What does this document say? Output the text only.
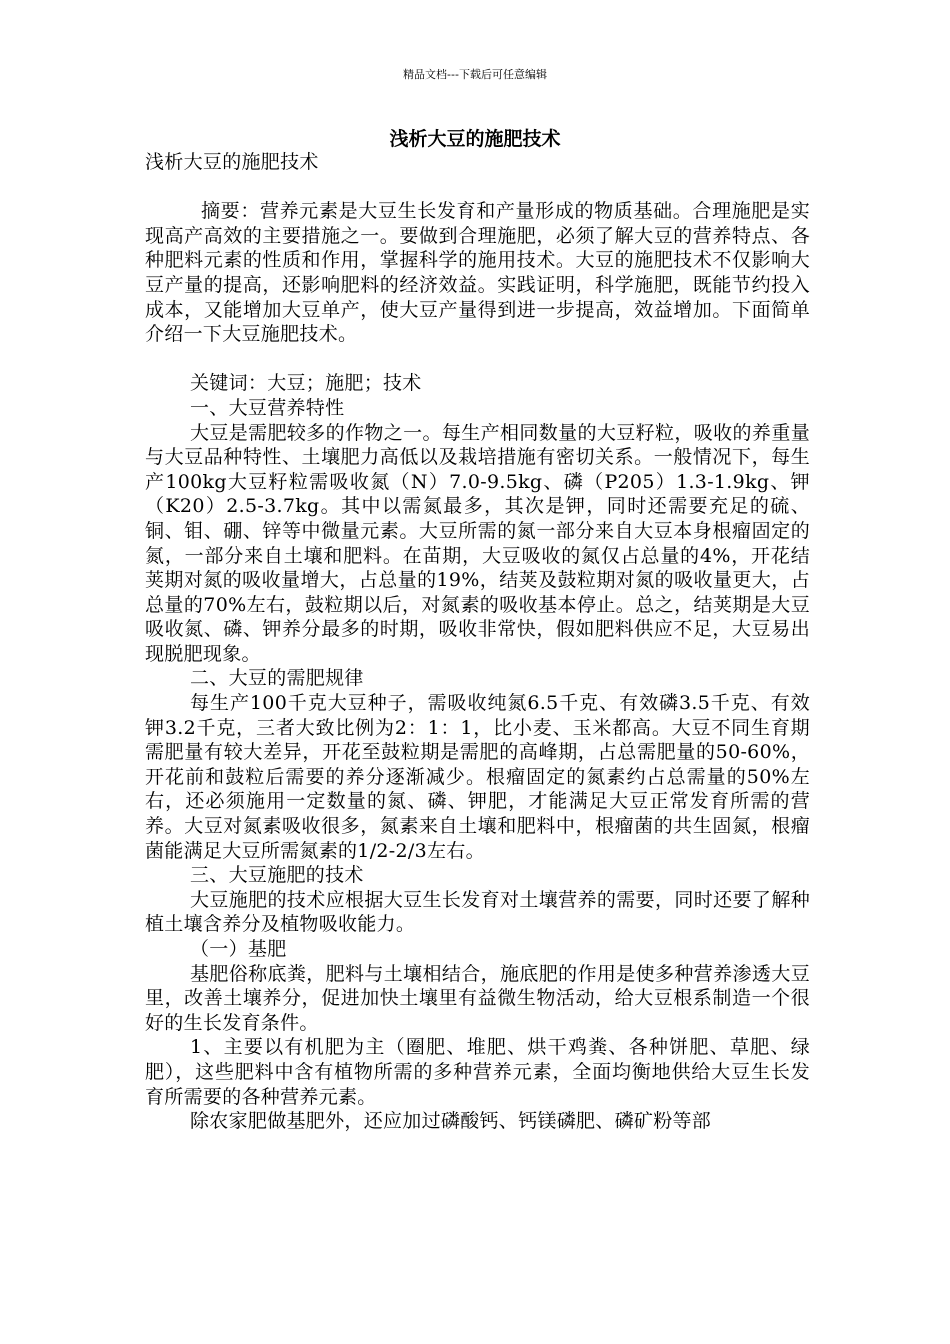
精品文档---下载后可任意编辑
浅析大豆的施肥技术

浅析大豆的施肥技术

摘要：营养元素是大豆生长发育和产量形成的物质基础。合理施肥是实现高产高效的主要措施之一。要做到合理施肥，必须了解大豆的营养特点、各种肥料元素的性质和作用，掌握科学的施用技术。大豆的施肥技术不仅影响大豆产量的提高，还影响肥料的经济效益。实践证明，科学施肥，既能节约投入成本，又能增加大豆单产，使大豆产量得到进一步提高，效益增加。下面简单介绍一下大豆施肥技术。

关键词：大豆；施肥；技术

一、大豆营养特性

大豆是需肥较多的作物之一。每生产相同数量的大豆籽粒，吸收的养重量与大豆品种特性、土壤肥力高低以及栽培措施有密切关系。一般情况下，每生产100kg大豆籽粒需吸收氮（N）7.0-9.5kg、磷（P205）1.3-1.9kg、钾（K20）2.5-3.7kg。其中以需氮最多，其次是钾，同时还需要充足的硫、铜、钼、硼、锌等中微量元素。大豆所需的氮一部分来自大豆本身根瘤固定的氮，一部分来自土壤和肥料。在苗期，大豆吸收的氮仅占总量的4%，开花结荚期对氮的吸收量增大，占总量的19%，结荚及鼓粒期对氮的吸收量更大，占总量的70%左右，鼓粒期以后，对氮素的吸收基本停止。总之，结荚期是大豆吸收氮、磷、钾养分最多的时期，吸收非常快，假如肥料供应不足，大豆易出现脱肥现象。

二、大豆的需肥规律

每生产100千克大豆种子，需吸收纯氮6.5千克、有效磷3.5千克、有效钾3.2千克，三者大致比例为2：1：1，比小麦、玉米都高。大豆不同生育期需肥量有较大差异，开花至鼓粒期是需肥的高峰期，占总需肥量的50-60%，开花前和鼓粒后需要的养分逐渐减少。根瘤固定的氮素约占总需量的50%左右，还必须施用一定数量的氮、磷、钾肥，才能满足大豆正常发育所需的营养。大豆对氮素吸收很多，氮素来自土壤和肥料中，根瘤菌的共生固氮，根瘤菌能满足大豆所需氮素的1/2-2/3左右。

三、大豆施肥的技术

大豆施肥的技术应根据大豆生长发育对土壤营养的需要，同时还要了解种植土壤含养分及植物吸收能力。

（一）基肥

基肥俗称底粪，肥料与土壤相结合，施底肥的作用是使多种营养渗透大豆里，改善土壤养分，促进加快土壤里有益微生物活动，给大豆根系制造一个很好的生长发育条件。

1、主要以有机肥为主（圈肥、堆肥、烘干鸡粪、各种饼肥、草肥、绿肥），这些肥料中含有植物所需的多种营养元素，全面均衡地供给大豆生长发育所需要的各种营养元素。

除农家肥做基肥外，还应加过磷酸钙、钙镁磷肥、磷矿粉等部
